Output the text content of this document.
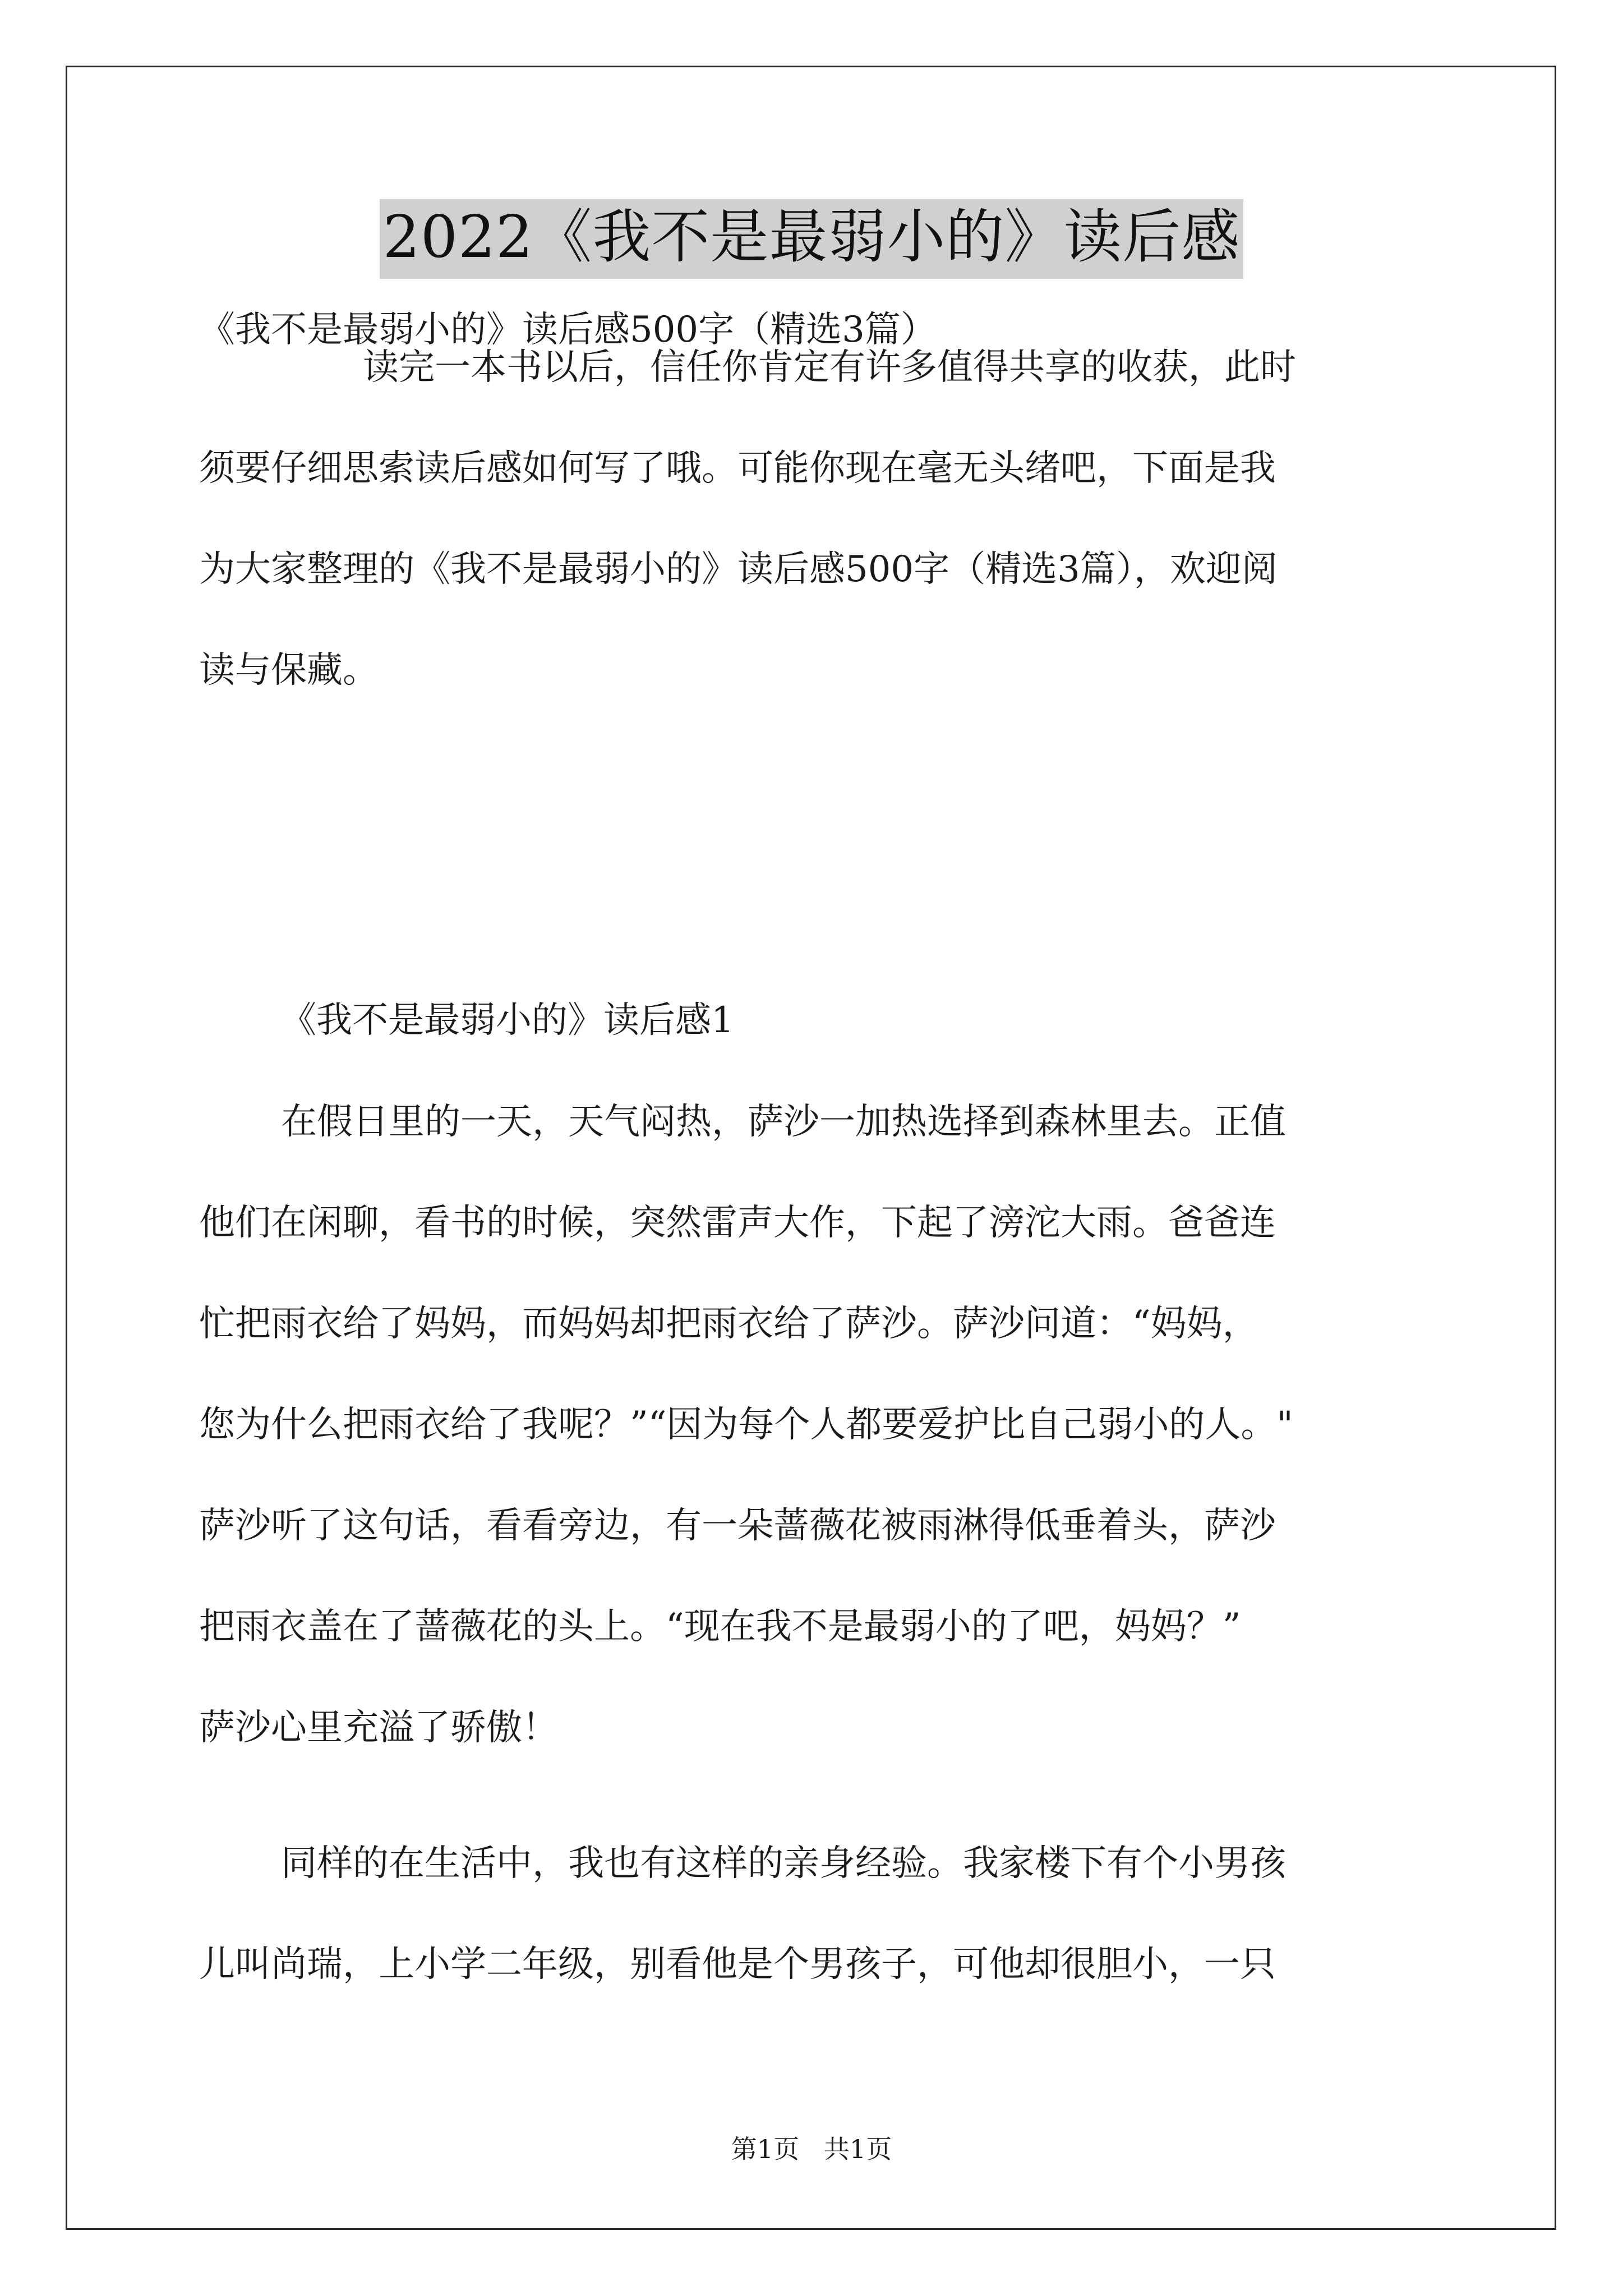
2022《我不是最弱小的》读后感
《我不是最弱小的》读后感500字（精选3篇）
读完一本书以后，信任你肯定有许多值得共享的收获，此时
须要仔细思索读后感如何写了哦。可能你现在毫无头绪吧，下面是我
为大家整理的《我不是最弱小的》读后感500字（精选3篇），欢迎阅
读与保藏。
《我不是最弱小的》读后感1
在假日里的一天，天气闷热，萨沙一加热选择到森林里去。正值
他们在闲聊，看书的时候，突然雷声大作，下起了滂沱大雨。爸爸连
忙把雨衣给了妈妈，而妈妈却把雨衣给了萨沙。萨沙问道：“妈妈，
您为什么把雨衣给了我呢？”“因为每个人都要爱护比自己弱小的人。"
萨沙听了这句话，看看旁边，有一朵蔷薇花被雨淋得低垂着头，萨沙
把雨衣盖在了蔷薇花的头上。“现在我不是最弱小的了吧，妈妈？”
萨沙心里充溢了骄傲！
同样的在生活中，我也有这样的亲身经验。我家楼下有个小男孩
儿叫尚瑞，上小学二年级，别看他是个男孩子，可他却很胆小，一只
第1页   共1页
